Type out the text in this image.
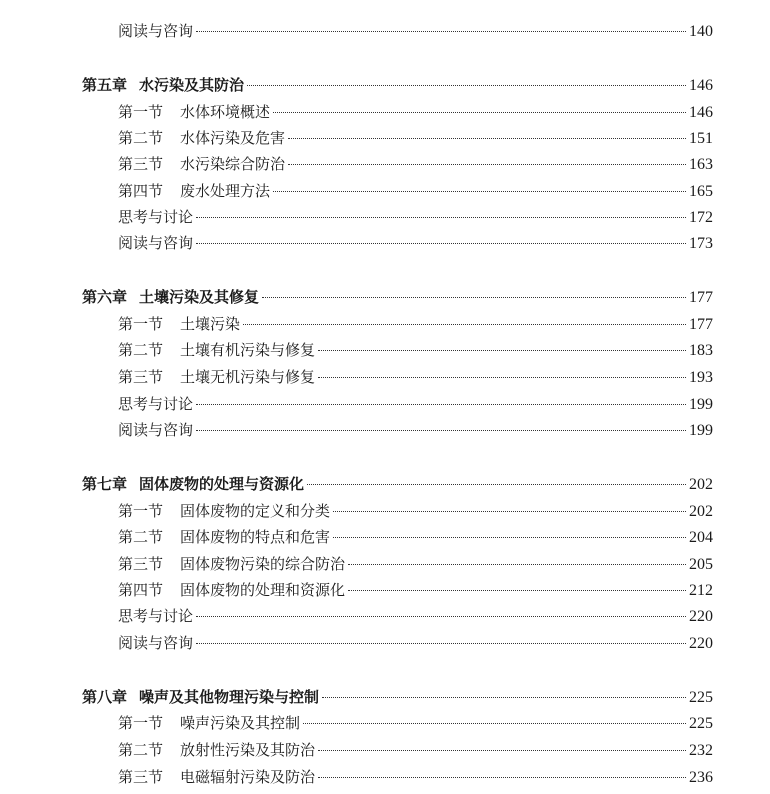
阅读与咨询	140
第五章 水污染及其防治	146
第一节 水体环境概述	146
第二节 水体污染及危害	151
第三节 水污染综合防治	163
第四节 废水处理方法	165
思考与讨论	172
阅读与咨询	173
第六章 土壤污染及其修复	177
第一节 土壤污染	177
第二节 土壤有机污染与修复	183
第三节 土壤无机污染与修复	193
思考与讨论	199
阅读与咨询	199
第七章 固体废物的处理与资源化	202
第一节 固体废物的定义和分类	202
第二节 固体废物的特点和危害	204
第三节 固体废物污染的综合防治	205
第四节 固体废物的处理和资源化	212
思考与讨论	220
阅读与咨询	220
第八章 噪声及其他物理污染与控制	225
第一节 噪声污染及其控制	225
第二节 放射性污染及其防治	232
第三节 电磁辐射污染及防治	236
